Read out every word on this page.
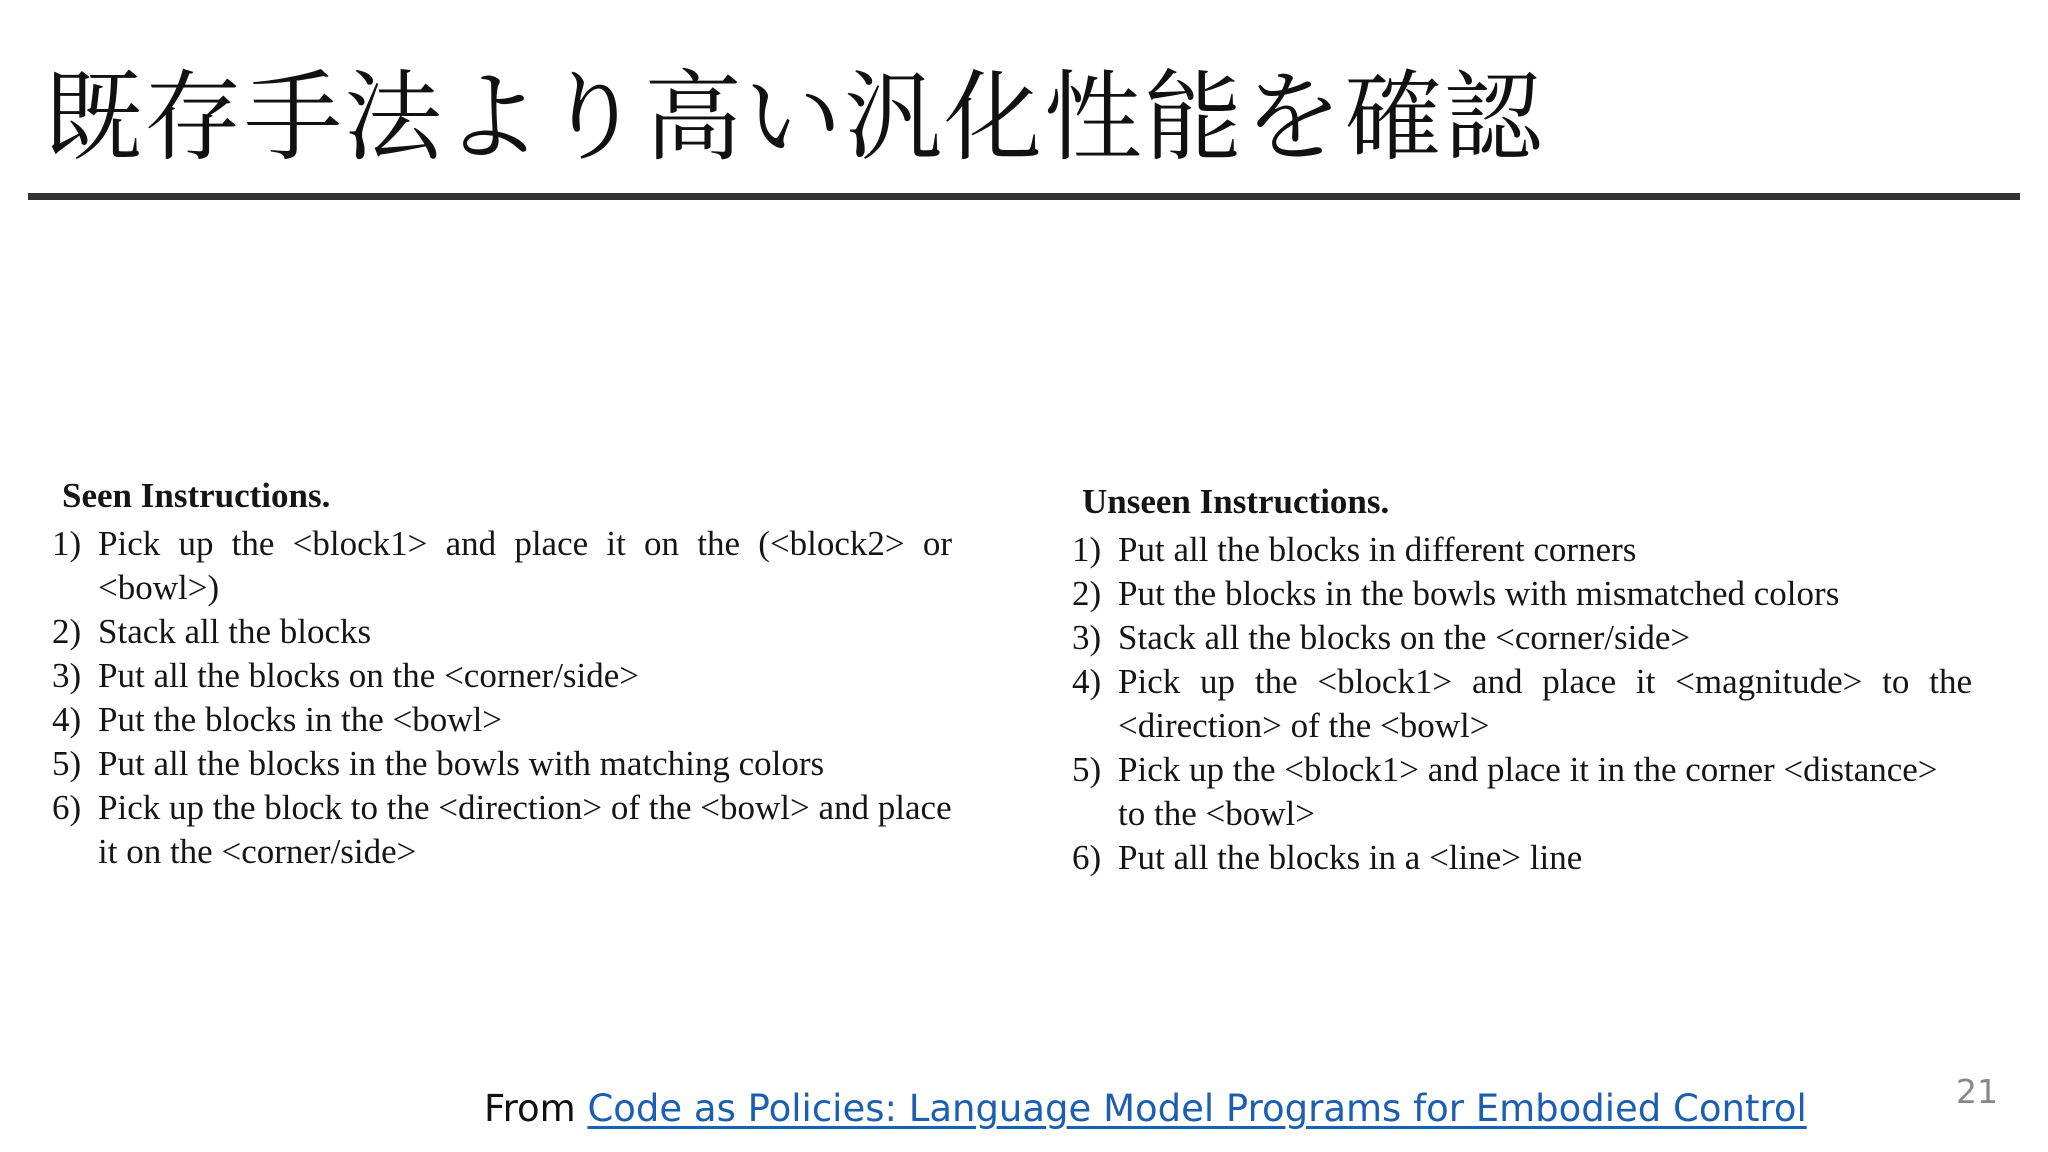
既存手法より高い汎化性能を確認
Seen Instructions.
1) Pick up the <block1> and place it on the (<block2> or <bowl>)
2) Stack all the blocks
3) Put all the blocks on the <corner/side>
4) Put the blocks in the <bowl>
5) Put all the blocks in the bowls with matching colors
6) Pick up the block to the <direction> of the <bowl> and place it on the <corner/side>
Unseen Instructions.
1) Put all the blocks in different corners
2) Put the blocks in the bowls with mismatched colors
3) Stack all the blocks on the <corner/side>
4) Pick up the <block1> and place it <magnitude> to the <direction> of the <bowl>
5) Pick up the <block1> and place it in the corner <distance> to the <bowl>
6) Put all the blocks in a <line> line
From Code as Policies: Language Model Programs for Embodied Control	21
